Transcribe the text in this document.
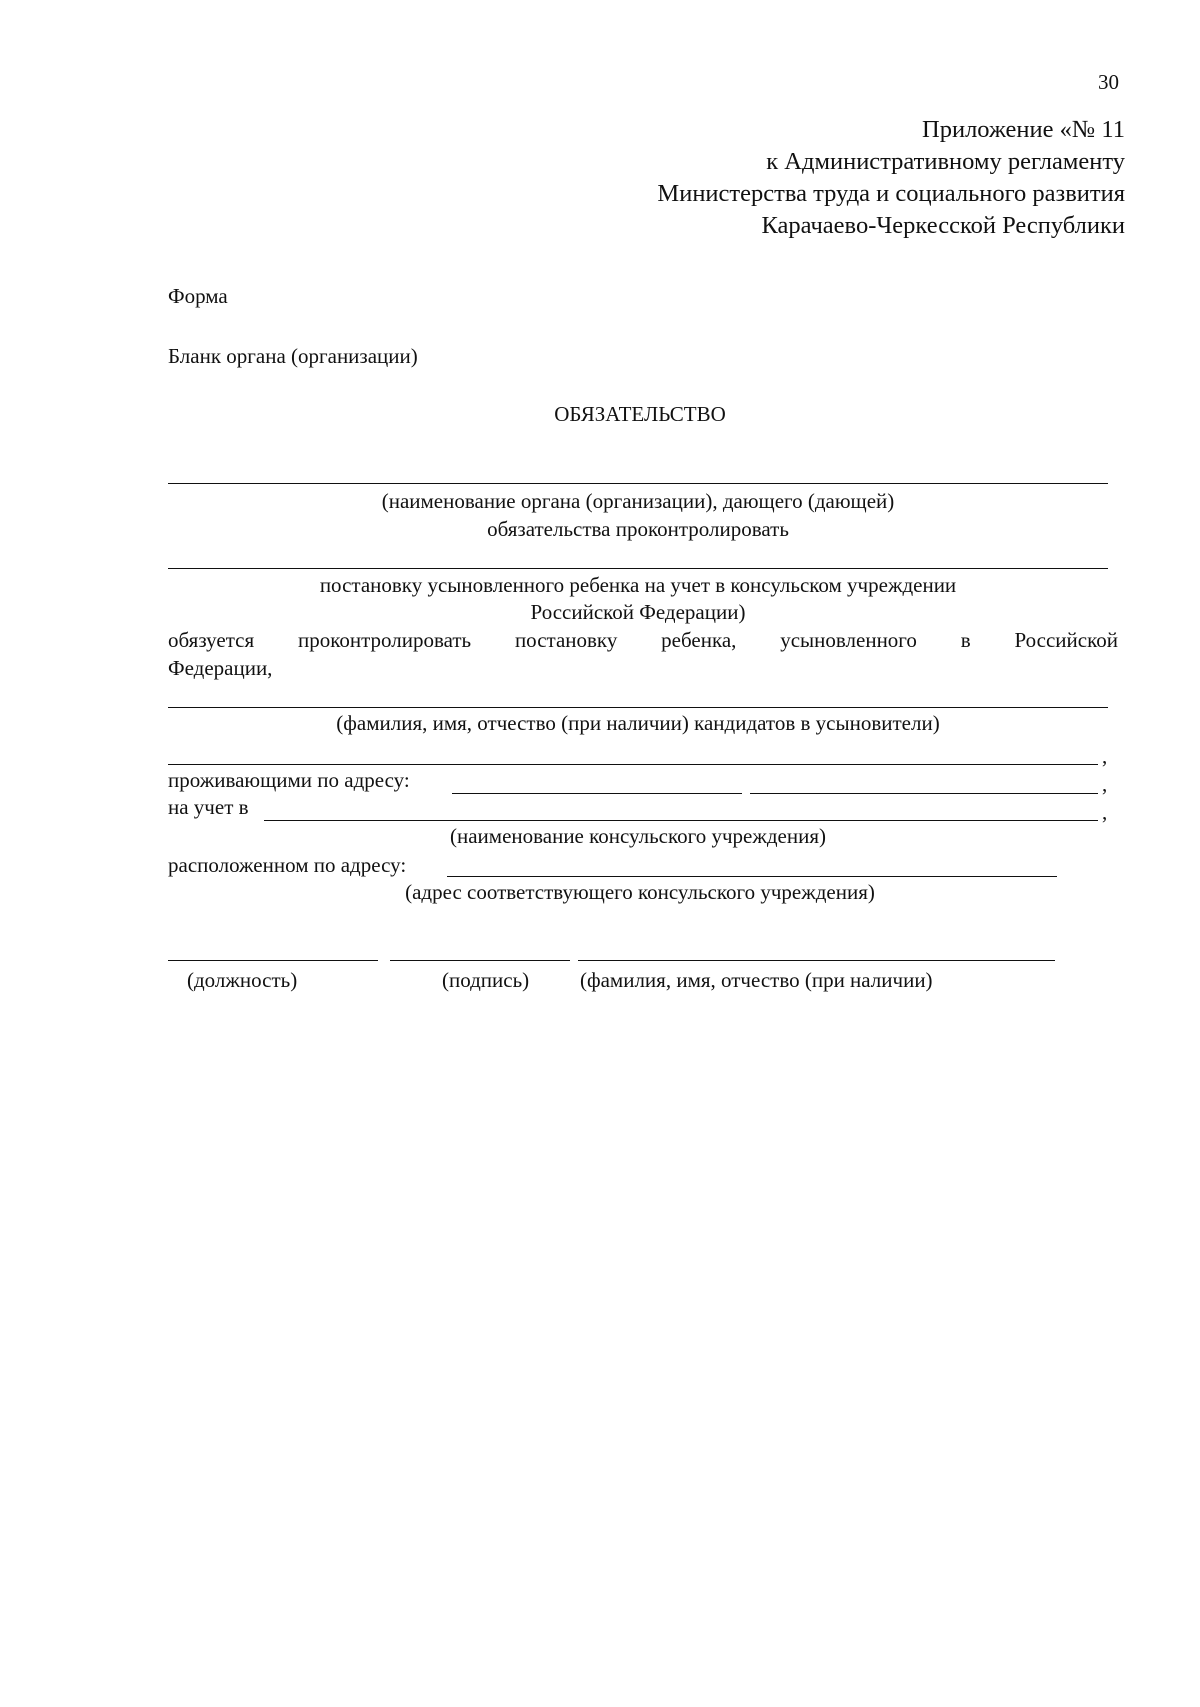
30
Приложение «№ 11
к Административному регламенту
Министерства труда и социального развития
Карачаево-Черкесской Республики
Форма
Бланк органа (организации)
ОБЯЗАТЕЛЬСТВО
(наименование органа (организации), дающего (дающей)
обязательства проконтролировать
постановку усыновленного ребенка на учет в консульском учреждении
Российской Федерации)
обязуется проконтролировать постановку ребенка, усыновленного в Российской
Федерации,
(фамилия, имя, отчество (при наличии) кандидатов в усыновители)
,
проживающими по адресу:	,
на учет в	,
(наименование консульского учреждения)
расположенном по адресу:
(адрес соответствующего консульского учреждения)
(должность)	(подпись) (фамилия, имя, отчество (при наличии)
